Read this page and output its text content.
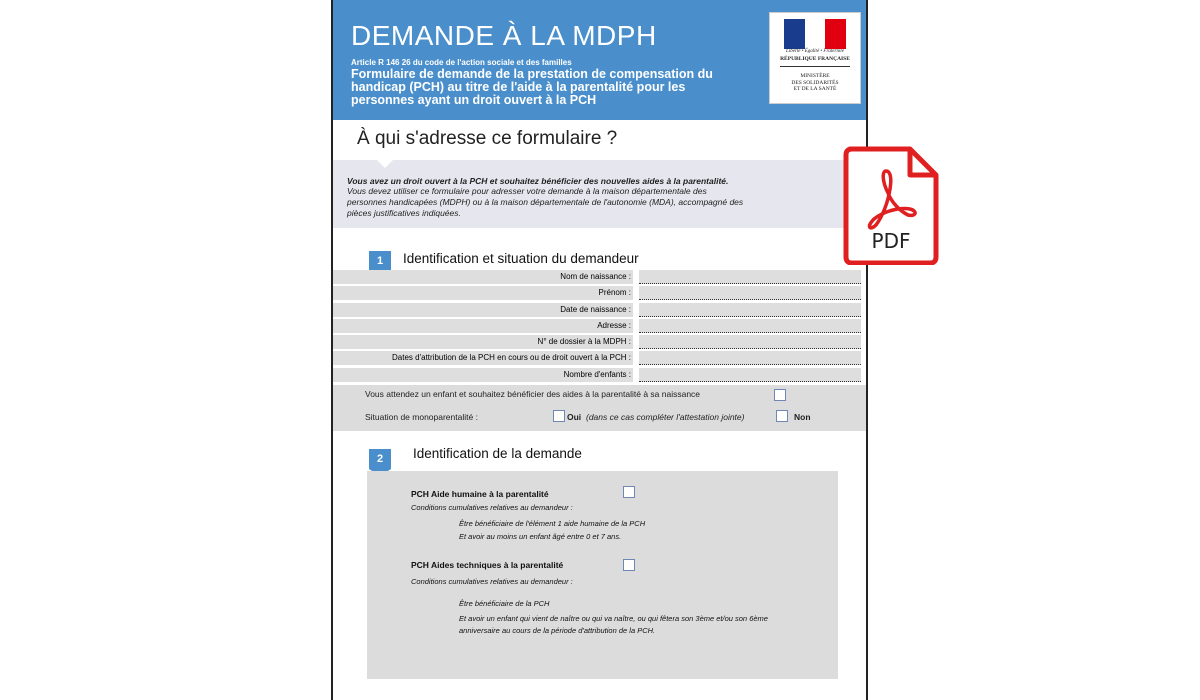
DEMANDE À LA MDPH
Article R 146 26 du code de l'action sociale et des familles
Formulaire de demande de la prestation de compensation du handicap (PCH) au titre de l'aide à la parentalité pour les personnes ayant un droit ouvert à la PCH
Liberté • Égalité • Fraternité
RÉPUBLIQUE FRANÇAISE
MINISTÈRE
DES SOLIDARITÉS
ET DE LA SANTÉ
À qui s'adresse ce formulaire ?

Vous avez un droit ouvert à la PCH et souhaitez bénéficier des nouvelles aides à la parentalité.

Vous devez utiliser ce formulaire pour adresser votre demande à la maison départementale des

personnes handicapées (MDPH) ou à la maison départementale de l'autonomie (MDA), accompagné des

pièces justificatives indiquées.

1	Identification et situation du demandeur
Nom de naissance :
Prénom :
Date de naissance :
Adresse :
N° de dossier à la MDPH :
Dates d'attribution de la PCH en cours ou de droit ouvert à la PCH :
Nombre d'enfants :
Vous attendez un enfant et souhaitez bénéficier des aides à la parentalité à sa naissance
Situation de monoparentalité :	Oui (dans ce cas compléter l'attestation jointe)	Non
2	Identification de la demande
PCH Aide humaine à la parentalité
Conditions cumulatives relatives au demandeur :
Être bénéficiaire de l'élément 1 aide humaine de la PCH
Et avoir au moins un enfant âgé entre 0 et 7 ans.
PCH Aides techniques à la parentalité
Conditions cumulatives relatives au demandeur :
Être bénéficiaire de la PCH
Et avoir un enfant qui vient de naître ou qui va naître, ou qui fêtera son 3ème et/ou son 6ème
anniversaire au cours de la période d'attribution de la PCH.
PDF
